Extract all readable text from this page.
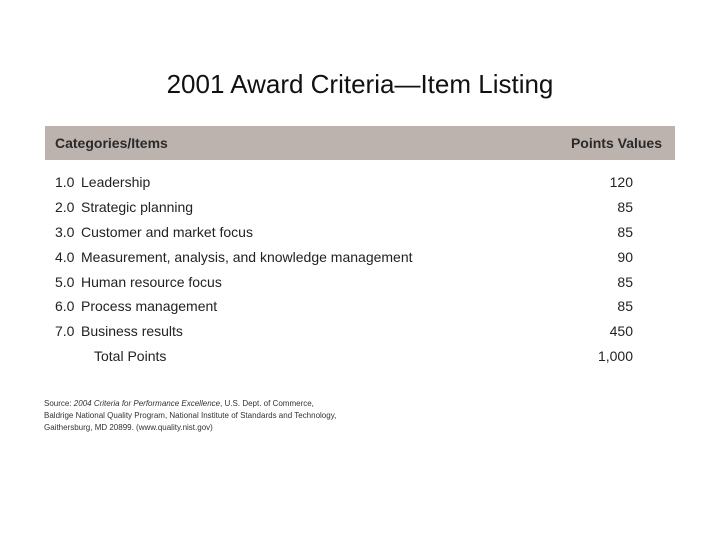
2001 Award Criteria—Item Listing
Categories/Items	Points Values
1.0 Leadership	120
2.0 Strategic planning	85
3.0 Customer and market focus	85
4.0 Measurement, analysis, and knowledge management	90
5.0 Human resource focus	85
6.0 Process management	85
7.0 Business results	450
Total Points	1,000
Source: 2004 Criteria for Performance Excellence, U.S. Dept. of Commerce,
Baldrige National Quality Program, National Institute of Standards and Technology,
Gaithersburg, MD 20899. (www.quality.nist.gov)
